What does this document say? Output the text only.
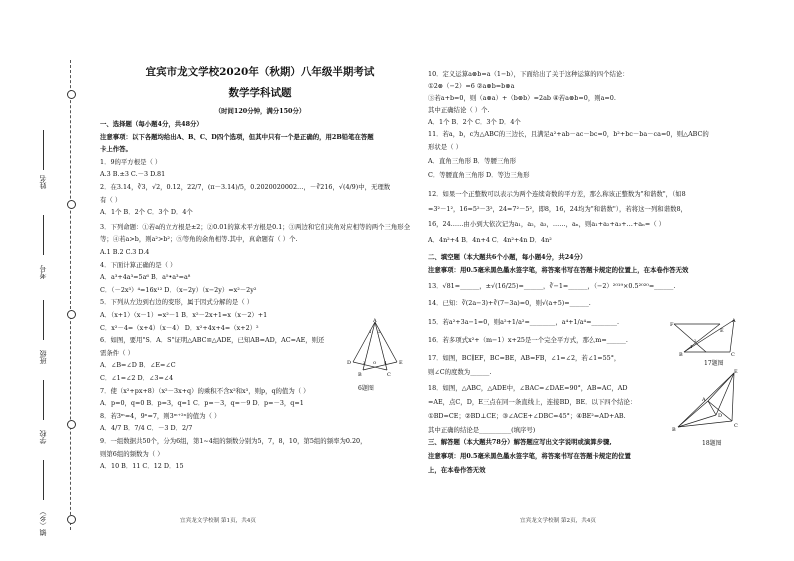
姓名
考号
班级
学校
镇（乡）
宜宾市龙文学校2020年（秋期）八年级半期考试
数学学科试题
（时间120分钟，满分150分）
一、选择题（每小题4分，共48分）
注意事项：以下各题均给出A、B、C、D四个选项，但其中只有一个是正确的，用2B铅笔在答题
卡上作答。
1．9的平方根是（ ）
A.3 B.±3 C.－3 D.81
2．在3.14，∛3，√2，0.12，22/7，(π－3.14)/5，0.2020020002…，－∛216，√(4/9)中，无理数
有（ ）
A．1个 B．2个 C．3个 D．4个
3．下列命题：①若a的立方根是±2；②0.01的算术平方根是0.1；③两边和它们夹角对应相等的两个三角形全
等；④若a>b，则a²>b²；⑤等角的余角相等.其中，真命题有（ ）个.
A.1 B.2 C.3 D.4
4．下面计算正确的是（ ）
A．a³+4a³=5a⁶ B．a⁵•a³=a⁸
C．（－2x³）⁴=16x¹² D．（x−2y）（x−2y）=x²－2y²
5．下列从左边到右边的变形，属于因式分解的是（ ）
A．（x+1）（x－1）=x²－1 B．x²－2x+1=x（x－2）+1
C．x²－4=（x+4）（x－4） D．x²+4x+4=（x+2）²
6．如图，要用"S．A．S"证明△ABC≌△ADE，已知AB=AD，AC=AE，则还
需条件（ ）
A．∠B=∠D B．∠E=∠C
C．∠1=∠2 D．∠3=∠4
7．使（x²+px+8）（x²－3x+q）的乘积不含x²和x³，则p，q的值为（ ）
A．p=0，q=0 B．p=3，q=1 C．p=－3，q=－9 D．p=－3，q=1
8．若3ᵐ=4，9ⁿ=7，则3ᵐ⁺²ⁿ的值为（ ）
A．4/7 B．7/4 C．－3 D．2/7
9．一组数据共50个，分为6组，第1~4组的频数分别为5，7，8，10，第5组的频率为0.20，
则第6组的频数为（ ）
A．10 B．11 C．12 D．15
10．定义运算a⊗b=a（1−b），下面给出了关于这种运算的四个结论：
①2⊗（−2）=6 ②a⊗b=b⊗a
③若a+b=0，则（a⊗a）+（b⊗b）=2ab ④若a⊗b=0，则a=0.
其中正确结论（ ）个.
A．1个 B．2个 C．3个 D．4个
11．若a，b，c为△ABC的三边长，且满足a²+ab－ac－bc=0，b²+bc－ba－ca=0，则△ABC的
形状是（ ）
A．直角三角形 B．等腰三角形
C．等腰直角三角形 D．等边三角形
12．如果一个正整数可以表示为两个连续奇数的平方差，那么称该正整数为"和谐数"，（如8
=3²－1²，16=5²－3²，24=7²－5²，即8，16，24均为"和谐数"），若将这一列和谐数8，
16，24……由小到大依次记为a₁，a₂，a₃，……，aₙ，则a₁+a₂+a₃+…+aₙ=（ ）
A．4n²+4 B．4n+4 C．4n²+4n D．4n²
二、填空题（本大题共6个小题，每小题4分，共24分）
注意事项：用0.5毫米黑色墨水签字笔，将答案书写在答题卡规定的位置上，在本卷作答无效
13．√81=______，±√(16/25)=______，∛−1=______，（−2）²⁰¹⁹×0.5²⁰²⁰=______.
14．已知：∛(2a−3)+∛(7−3a)=0，则√(a+5)=______.
15．若a²+3a−1=0，则a²+1/a²=________，a⁴+1/a⁴=________.
16．若多项式x²+（m−1）x+25是一个完全平方式，那么m=______.
17．如图，BC∥EF，BC=BE，AB=FB，∠1=∠2，若∠1=55°，
则∠C的度数为______.
18．如图，△ABC，△ADE中，∠BAC=∠DAE=90°，AB=AC，AD
=AE，点C，D，E三点在同一条直线上，连接BD，BE．以下四个结论：
①BD=CE；②BD⊥CE；③∠ACE+∠DBC=45°；④BE²=AD+AB.
其中正确的结论是__________(填序号)
三、解答题（本大题共78分）解答题应写出文字说明或演算步骤,
注意事项：用0.5毫米黑色墨水签字笔，将答案书写在答题卡规定的位置
上，在本卷作答无效
A
D	E
B	C
1 2
3	4
O
6题图
F
A
E
B	C
1
2
17题图
E
A
D
B
C
18题图
宜宾龙文学校制 第1页，共4页	宜宾龙文学校制 第2页，共4页
